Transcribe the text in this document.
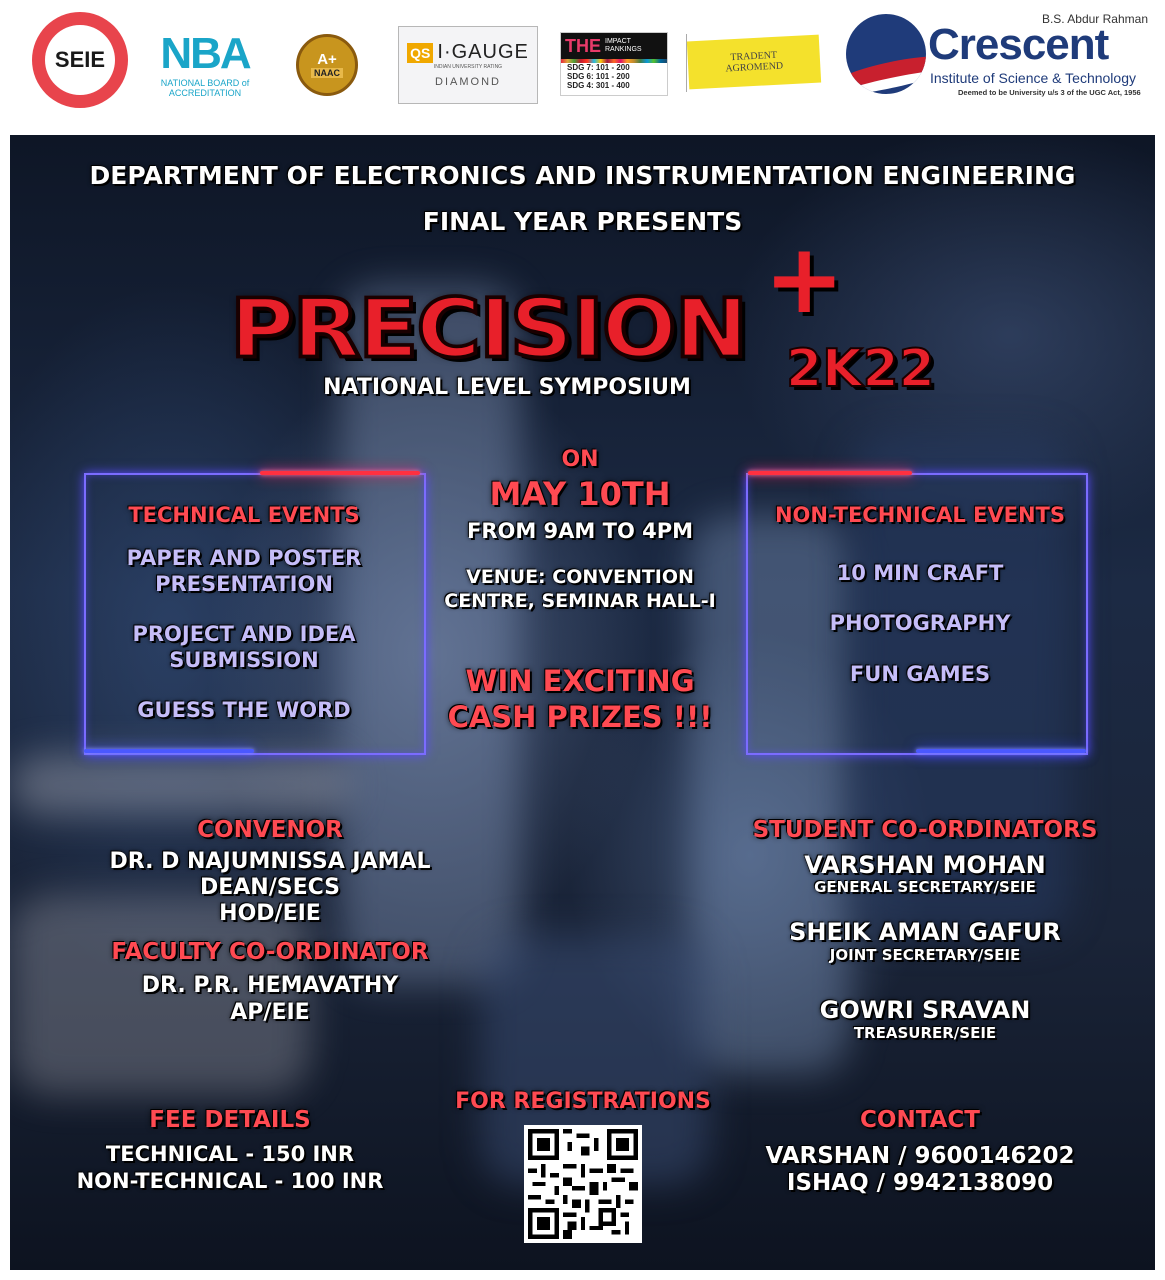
SEIE NBA
NATIONAL BOARD of ACCREDITATION
A+
NAAC
QS I·GAUGE
INDIAN UNIVERSITY RATING
DIAMOND
THE IMPACT RANKINGS
SDG 7: 101 - 200
SDG 6: 101 - 200
SDG 4: 301 - 400
TRADENT AGROMEND
B.S. Abdur Rahman
Crescent
Institute of Science & Technology
Deemed to be University u/s 3 of the UGC Act, 1956
DEPARTMENT OF ELECTRONICS AND INSTRUMENTATION ENGINEERING
FINAL YEAR PRESENTS
PRECISION +
2K22
NATIONAL LEVEL SYMPOSIUM
TECHNICAL EVENTS
PAPER AND POSTER
PRESENTATION
PROJECT AND IDEA
SUBMISSION
GUESS THE WORD
ON
MAY 10TH
FROM 9AM TO 4PM
VENUE: CONVENTION
CENTRE, SEMINAR HALL-I
WIN EXCITING
CASH PRIZES !!!
NON-TECHNICAL EVENTS
10 MIN CRAFT
PHOTOGRAPHY
FUN GAMES
CONVENOR
DR. D NAJUMNISSA JAMAL
DEAN/SECS
HOD/EIE
FACULTY CO-ORDINATOR
DR. P.R. HEMAVATHY
AP/EIE
STUDENT CO-ORDINATORS
VARSHAN MOHAN
GENERAL SECRETARY/SEIE
SHEIK AMAN GAFUR
JOINT SECRETARY/SEIE
GOWRI SRAVAN
TREASURER/SEIE
FEE DETAILS
TECHNICAL - 150 INR
NON-TECHNICAL - 100 INR
FOR REGISTRATIONS
CONTACT
VARSHAN / 9600146202
ISHAQ / 9942138090
